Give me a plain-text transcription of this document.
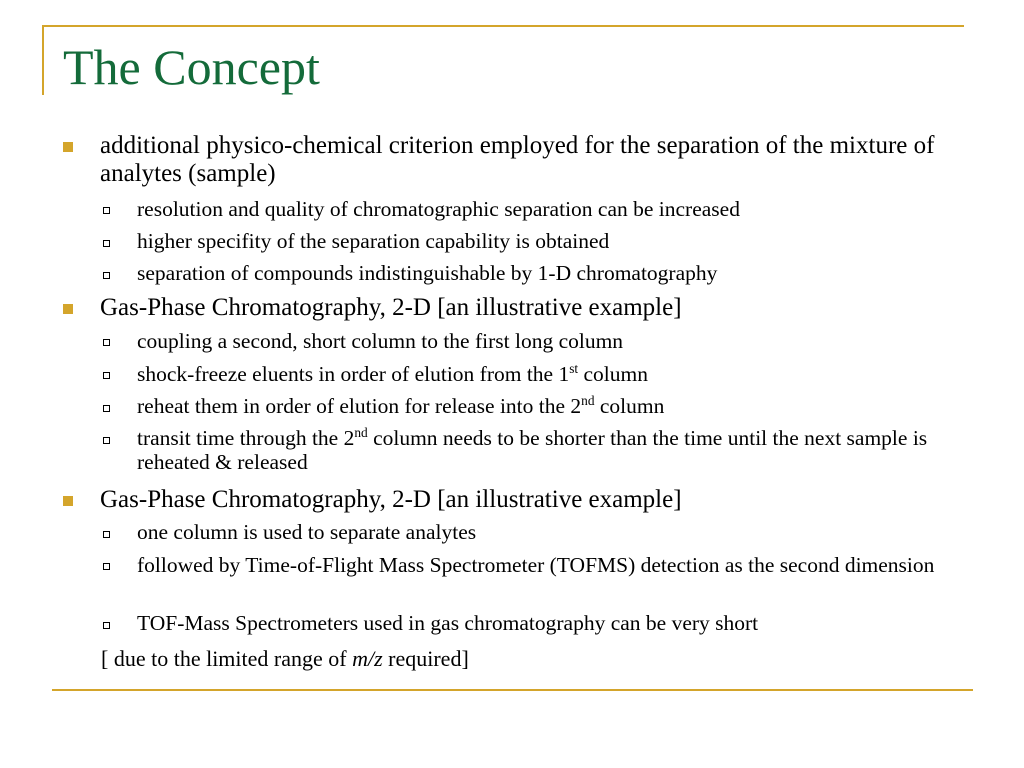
The Concept
additional physico-chemical criterion employed for the separation of the mixture of analytes (sample)
resolution and quality of chromatographic separation can be increased
higher specifity of the separation capability is obtained
separation of compounds indistinguishable by 1-D chromatography
Gas-Phase Chromatography, 2-D [an illustrative example]
coupling a second, short column to the first long column
shock-freeze eluents in order of elution from the 1st column
reheat them in order of elution for release into the 2nd column
transit time through the 2nd column needs to be shorter than the time until the next sample is reheated & released
Gas-Phase Chromatography, 2-D [an illustrative example]
one column is used to separate analytes
followed by Time-of-Flight Mass Spectrometer (TOFMS) detection as the second dimension
TOF-Mass Spectrometers used in gas chromatography can be very short
[ due to the limited range of m/z required]
